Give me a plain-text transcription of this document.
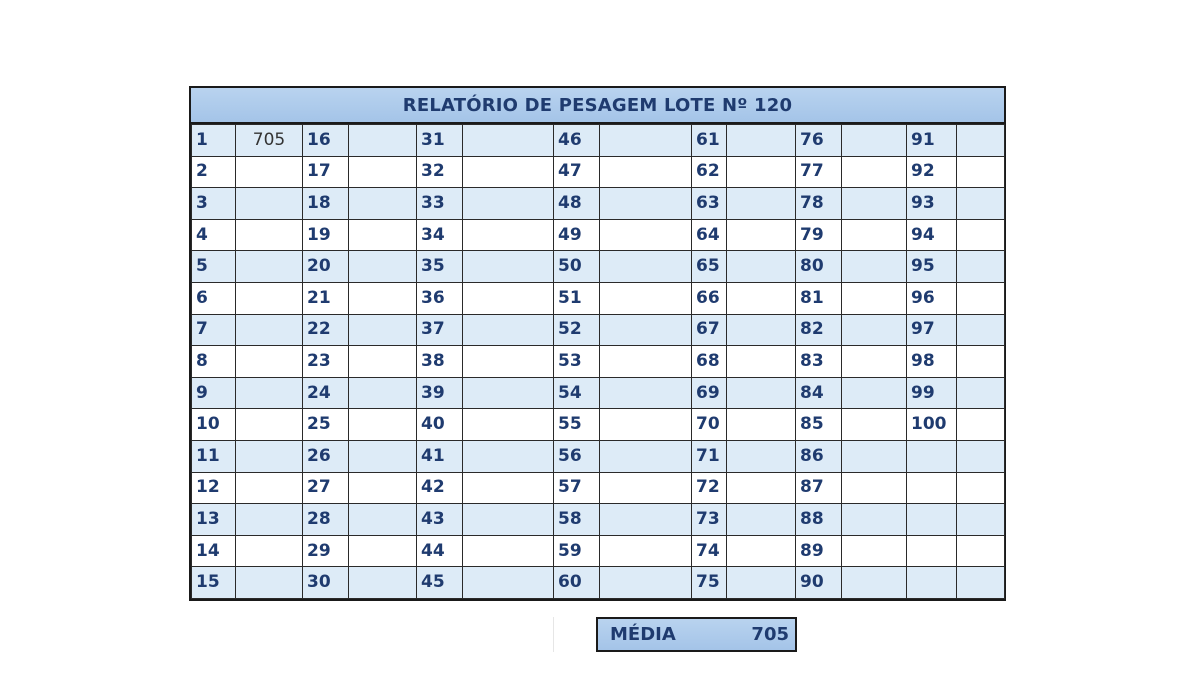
RELATÓRIO DE PESAGEM LOTE Nº 120
1	705	16		31		46		61		76		91	
2		17		32		47		62		77		92	
3		18		33		48		63		78		93	
4		19		34		49		64		79		94	
5		20		35		50		65		80		95	
6		21		36		51		66		81		96	
7		22		37		52		67		82		97	
8		23		38		53		68		83		98	
9		24		39		54		69		84		99	
10		25		40		55		70		85		100	
11		26		41		56		71		86			
12		27		42		57		72		87			
13		28		43		58		73		88			
14		29		44		59		74		89			
15		30		45		60		75		90			
MÉDIA	705
